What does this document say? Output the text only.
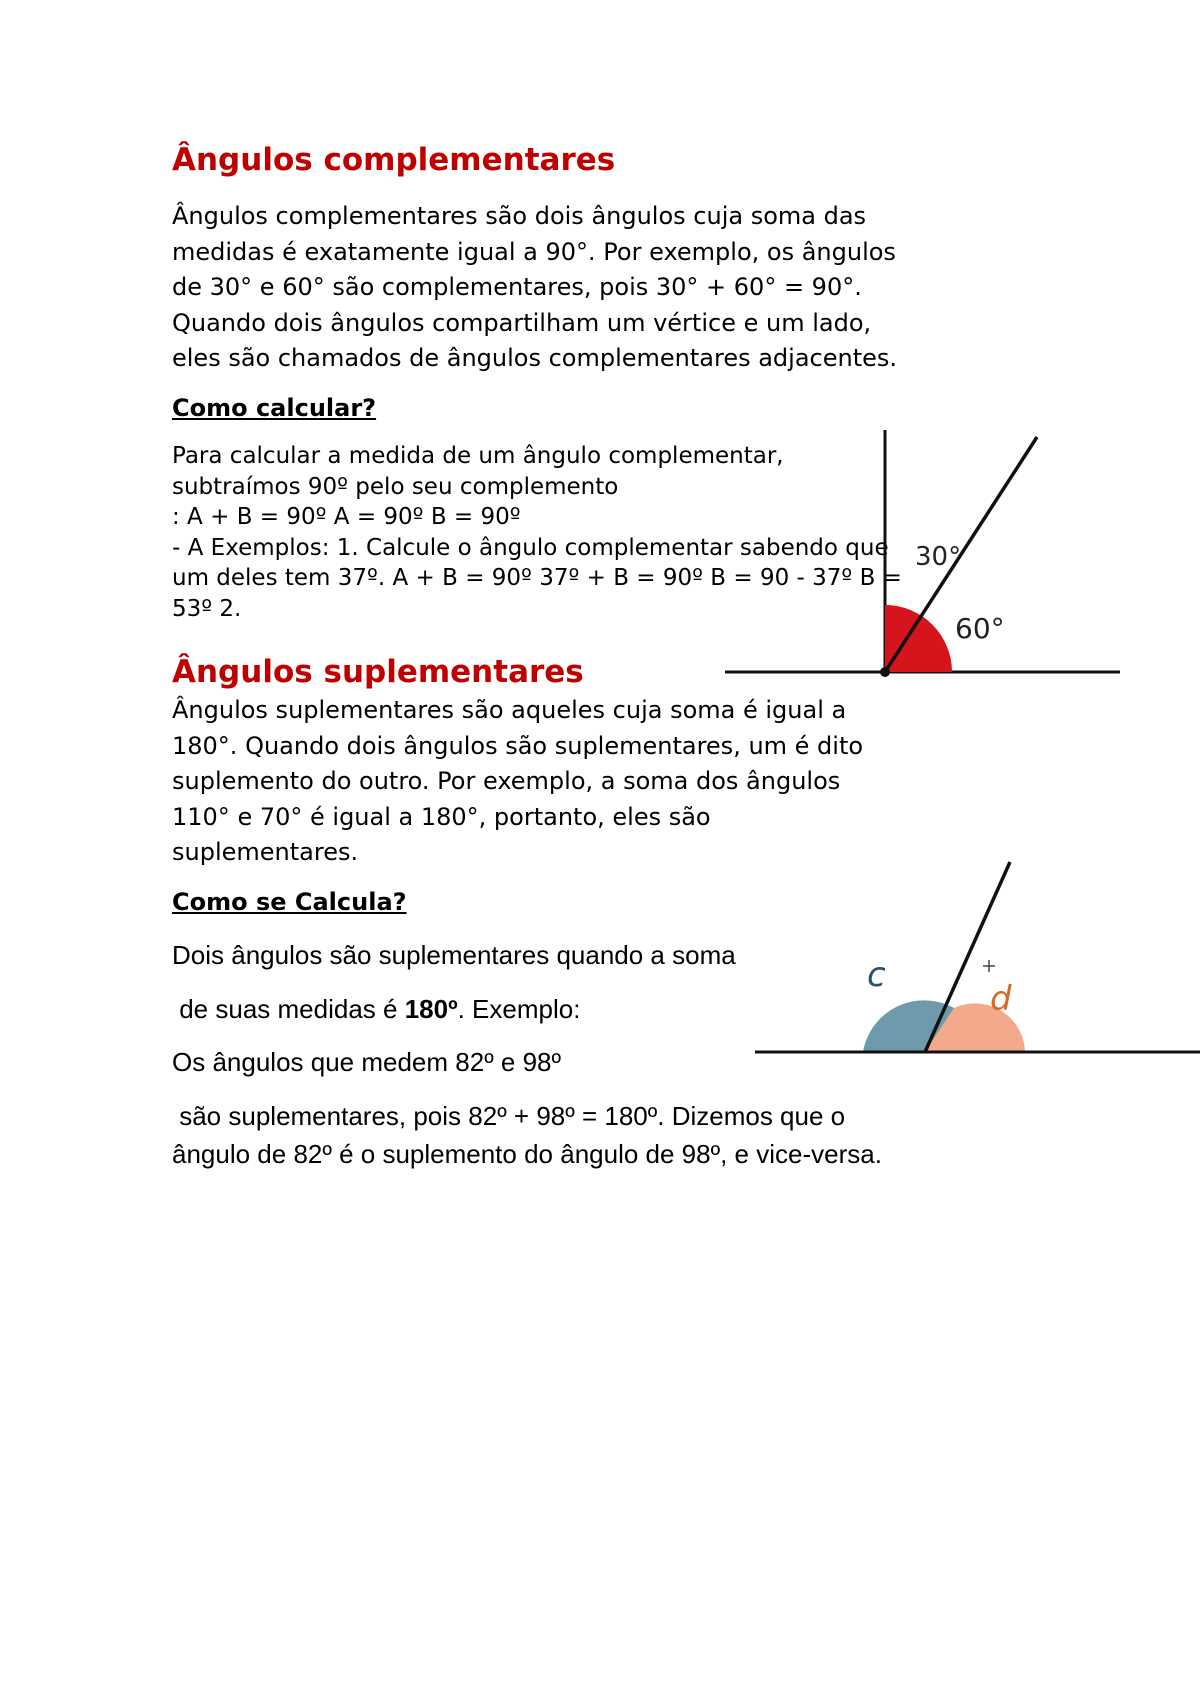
Ângulos complementares

Ângulos complementares são dois ângulos cuja soma das

medidas é exatamente igual a 90°. Por exemplo, os ângulos

de 30° e 60° são complementares, pois 30° + 60° = 90°.

Quando dois ângulos compartilham um vértice e um lado,

eles são chamados de ângulos complementares adjacentes.

Como calcular?

Para calcular a medida de um ângulo complementar,

subtraímos 90º pelo seu complemento

: A + B = 90º A = 90º B = 90º

- A Exemplos: 1. Calcule o ângulo complementar sabendo que

um deles tem 37º. A + B = 90º 37º + B = 90º B = 90 - 37º B =

53º 2.

Ângulos suplementares

Ângulos suplementares são aqueles cuja soma é igual a

180°. Quando dois ângulos são suplementares, um é dito

suplemento do outro. Por exemplo, a soma dos ângulos

110° e 70° é igual a 180°, portanto, eles são

suplementares.

Como se Calcula?

Dois ângulos são suplementares quando a soma

de suas medidas é 180º. Exemplo:

Os ângulos que medem 82º e 98º

são suplementares, pois 82º + 98º = 180º. Dizemos que o

ângulo de 82º é o suplemento do ângulo de 98º, e vice-versa.

30°
60°
c
d
